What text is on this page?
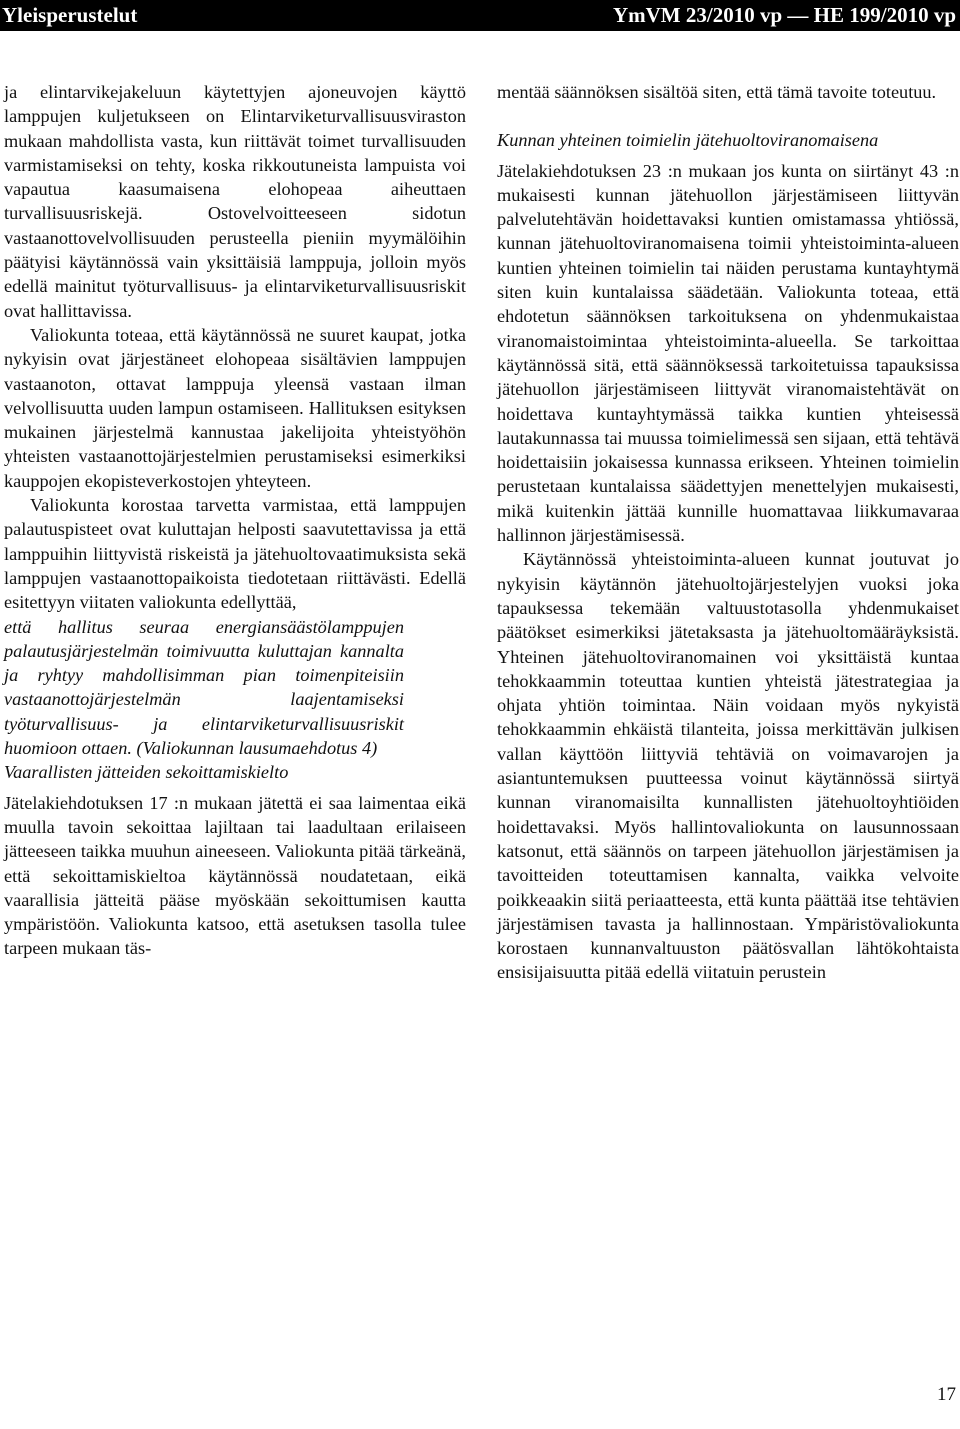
Yleisperustelut	YmVM 23/2010 vp — HE 199/2010 vp

ja elintarvikejakeluun käytettyjen ajoneuvojen käyttö lamppujen kuljetukseen on Elintarviketurvallisuusviraston mukaan mahdollista vasta, kun riittävät toimet turvallisuuden varmistamiseksi on tehty, koska rikkoutuneista lampuista voi vapautua kaasumaisena elohopeaa aiheuttaen turvallisuusriskejä. Ostovelvoitteeseen sidotun vastaanottovelvollisuuden perusteella pieniin myymälöihin päätyisi käytännössä vain yksittäisiä lamppuja, jolloin myös edellä mainitut työturvallisuus- ja elintarviketurvallisuusriskit ovat hallittavissa.

Valiokunta toteaa, että käytännössä ne suuret kaupat, jotka nykyisin ovat järjestäneet elohopeaa sisältävien lamppujen vastaanoton, ottavat lamppuja yleensä vastaan ilman velvollisuutta uuden lampun ostamiseen. Hallituksen esityksen mukainen järjestelmä kannustaa jakelijoita yhteistyöhön yhteisten vastaanottojärjestelmien perustamiseksi esimerkiksi kauppojen ekopisteverkostojen yhteyteen.

Valiokunta korostaa tarvetta varmistaa, että lamppujen palautuspisteet ovat kuluttajan helposti saavutettavissa ja että lamppuihin liittyvistä riskeistä ja jätehuoltovaatimuksista sekä lamppujen vastaanottopaikoista tiedotetaan riittävästi. Edellä esitettyyn viitaten valiokunta edellyttää,

että hallitus seuraa energiansäästölamppujen palautusjärjestelmän toimivuutta kuluttajan kannalta ja ryhtyy mahdollisimman pian toimenpiteisiin vastaanottojärjestelmän laajentamiseksi työturvallisuus- ja elintarviketurvallisuusriskit huomioon ottaen. (Valiokunnan lausumaehdotus 4)

Vaarallisten jätteiden sekoittamiskielto

Jätelakiehdotuksen 17 :n mukaan jätettä ei saa laimentaa eikä muulla tavoin sekoittaa lajiltaan tai laadultaan erilaiseen jätteeseen taikka muuhun aineeseen. Valiokunta pitää tärkeänä, että sekoittamiskieltoa käytännössä noudatetaan, eikä vaarallisia jätteitä pääse myöskään sekoittumisen kautta ympäristöön. Valiokunta katsoo, että asetuksen tasolla tulee tarpeen mukaan täs-

mentää säännöksen sisältöä siten, että tämä tavoite toteutuu.

Kunnan yhteinen toimielin jätehuoltoviranomaisena

Jätelakiehdotuksen 23 :n mukaan jos kunta on siirtänyt 43 :n mukaisesti kunnan jätehuollon järjestämiseen liittyvän palvelutehtävän hoidettavaksi kuntien omistamassa yhtiössä, kunnan jätehuoltoviranomaisena toimii yhteistoiminta-alueen kuntien yhteinen toimielin tai näiden perustama kuntayhtymä siten kuin kuntalaissa säädetään. Valiokunta toteaa, että ehdotetun säännöksen tarkoituksena on yhdenmukaistaa viranomaistoimintaa yhteistoiminta-alueella. Se tarkoittaa käytännössä sitä, että säännöksessä tarkoitetuissa tapauksissa jätehuollon järjestämiseen liittyvät viranomaistehtävät on hoidettava kuntayhtymässä taikka kuntien yhteisessä lautakunnassa tai muussa toimielimessä sen sijaan, että tehtävä hoidettaisiin jokaisessa kunnassa erikseen. Yhteinen toimielin perustetaan kuntalaissa säädettyjen menettelyjen mukaisesti, mikä kuitenkin jättää kunnille huomattavaa liikkumavaraa hallinnon järjestämisessä.

Käytännössä yhteistoiminta-alueen kunnat joutuvat jo nykyisin käytännön jätehuoltojärjestelyjen vuoksi joka tapauksessa tekemään valtuustotasolla yhdenmukaiset päätökset esimerkiksi jätetaksasta ja jätehuoltomääräyksistä. Yhteinen jätehuoltoviranomainen voi yksittäistä kuntaa tehokkaammin toteuttaa kuntien yhteistä jätestrategiaa ja ohjata yhtiön toimintaa. Näin voidaan myös nykyistä tehokkaammin ehkäistä tilanteita, joissa merkittävän julkisen vallan käyttöön liittyviä tehtäviä on voimavarojen ja asiantuntemuksen puutteessa voinut käytännössä siirtyä kunnan viranomaisilta kunnallisten jätehuoltoyhtiöiden hoidettavaksi. Myös hallintovaliokunta on lausunnossaan katsonut, että säännös on tarpeen jätehuollon järjestämisen ja tavoitteiden toteuttamisen kannalta, vaikka velvoite poikkeaakin siitä periaatteesta, että kunta päättää itse tehtävien järjestämisen tavasta ja hallinnostaan. Ympäristövaliokunta korostaen kunnanvaltuuston päätösvallan lähtökohtaista ensisijaisuutta pitää edellä viitatuin perustein

17
